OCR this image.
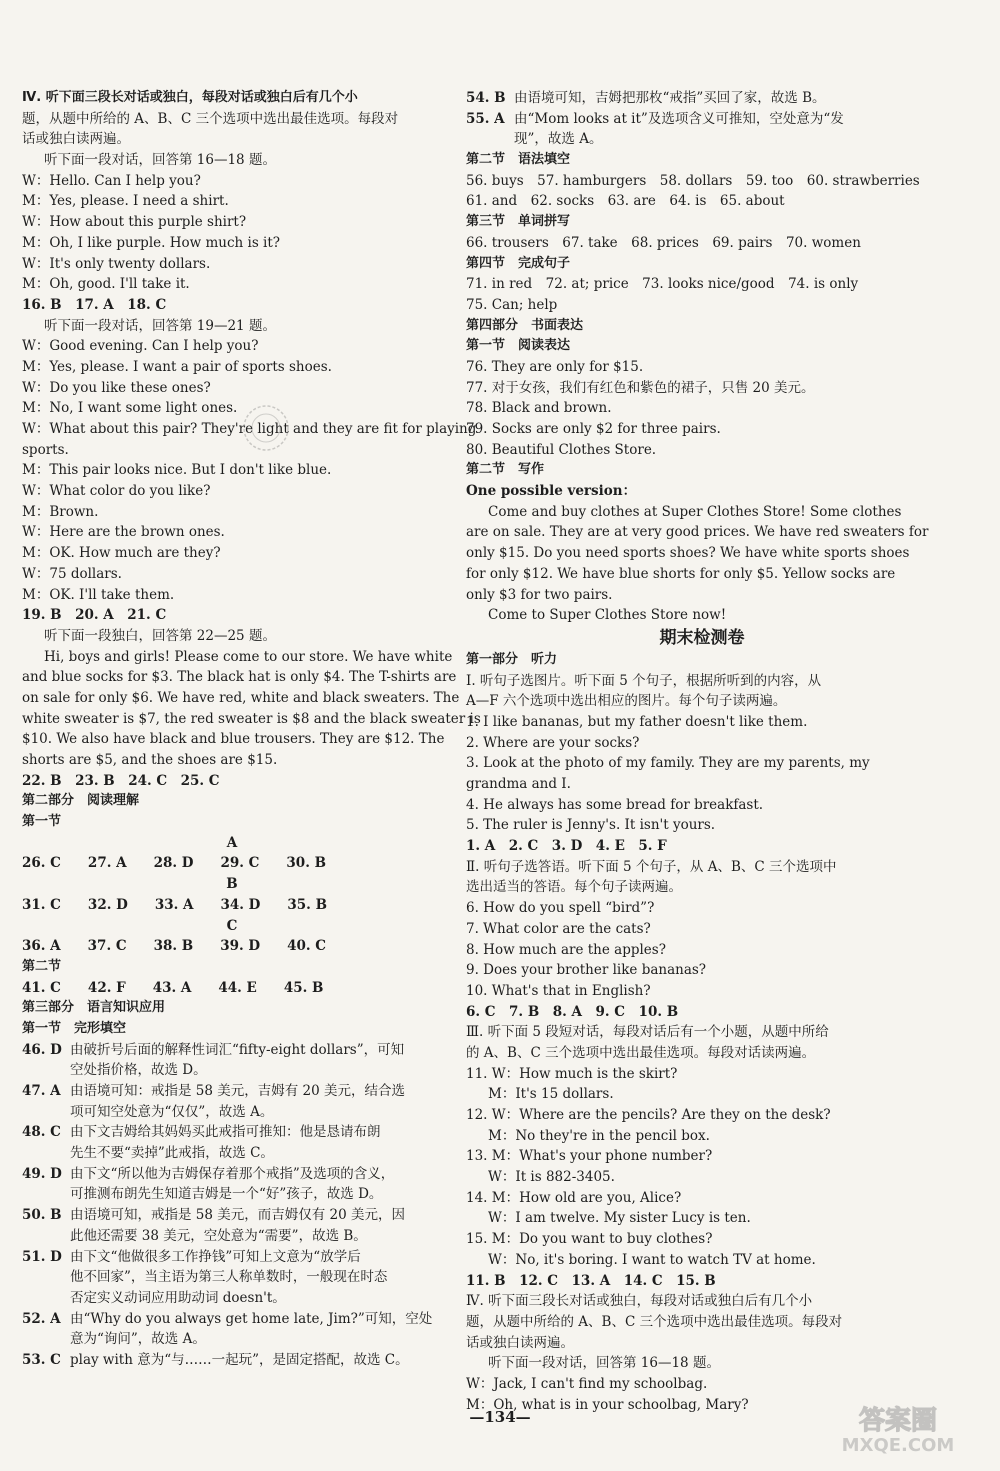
Ⅳ. 听下面三段长对话或独白，每段对话或独白后有几个小
题，从题中所给的 A、B、C 三个选项中选出最佳选项。每段对
话或独白读两遍。
听下面一段对话，回答第 16—18 题。
W：Hello. Can I help you?
M：Yes, please. I need a shirt.
W：How about this purple shirt?
M：Oh, I like purple. How much is it?
W：It's only twenty dollars.
M：Oh, good. I'll take it.
16. B　17. A　18. C
听下面一段对话，回答第 19—21 题。
W：Good evening. Can I help you?
M：Yes, please. I want a pair of sports shoes.
W：Do you like these ones?
M：No, I want some light ones.
W：What about this pair? They're light and they are fit for playing
sports.
M：This pair looks nice. But I don't like blue.
W：What color do you like?
M：Brown.
W：Here are the brown ones.
M：OK. How much are they?
W：75 dollars.
M：OK. I'll take them.
19. B　20. A　21. C
听下面一段独白，回答第 22—25 题。
Hi, boys and girls! Please come to our store. We have white
and blue socks for $3. The black hat is only $4. The T-shirts are
on sale for only $6. We have red, white and black sweaters. The
white sweater is $7, the red sweater is $8 and the black sweater is
$10. We also have black and blue trousers. They are $12. The
shorts are $5, and the shoes are $15.
22. B　23. B　24. C　25. C
第二部分　阅读理解
第一节
A
26. C　　27. A　　28. D　　29. C　　30. B
B
31. C　　32. D　　33. A　　34. D　　35. B
C
36. A　　37. C　　38. B　　39. D　　40. C
第二节
41. C　　42. F　　43. A　　44. E　　45. B
第三部分　语言知识应用
第一节　完形填空
46. D 由破折号后面的解释性词汇“fifty-eight dollars”，可知
空处指价格，故选 D。
47. A 由语境可知：戒指是 58 美元，吉姆有 20 美元，结合选
项可知空处意为“仅仅”，故选 A。
48. C 由下文吉姆给其妈妈买此戒指可推知：他是恳请布朗
先生不要“卖掉”此戒指，故选 C。
49. D 由下文“所以他为吉姆保存着那个戒指”及选项的含义，
可推测布朗先生知道吉姆是一个“好”孩子，故选 D。
50. B 由语境可知，戒指是 58 美元，而吉姆仅有 20 美元，因
此他还需要 38 美元，空处意为“需要”，故选 B。
51. D 由下文“他做很多工作挣钱”可知上文意为“放学后
他不回家”，当主语为第三人称单数时，一般现在时态
否定实义动词应用助动词 doesn't。
52. A 由“Why do you always get home late, Jim?”可知，空处
意为“询问”，故选 A。
53. C play with 意为“与……一起玩”，是固定搭配，故选 C。
54. B 由语境可知，吉姆把那枚“戒指”买回了家，故选 B。
55. A 由“Mom looks at it”及选项含义可推知，空处意为“发
现”，故选 A。
第二节　语法填空
56. buys　57. hamburgers　58. dollars　59. too　60. strawberries
61. and　62. socks　63. are　64. is　65. about
第三节　单词拼写
66. trousers　67. take　68. prices　69. pairs　70. women
第四节　完成句子
71. in red　72. at; price　73. looks nice/good　74. is only
75. Can; help
第四部分　书面表达
第一节　阅读表达
76. They are only for $15.
77. 对于女孩，我们有红色和紫色的裙子，只售 20 美元。
78. Black and brown.
79. Socks are only $2 for three pairs.
80. Beautiful Clothes Store.
第二节　写作
One possible version：
Come and buy clothes at Super Clothes Store! Some clothes
are on sale. They are at very good prices. We have red sweaters for
only $15. Do you need sports shoes? We have white sports shoes
for only $12. We have blue shorts for only $5. Yellow socks are
only $3 for two pairs.
Come to Super Clothes Store now!
期末检测卷
第一部分　听力
Ⅰ. 听句子选图片。听下面 5 个句子，根据所听到的内容，从
A—F 六个选项中选出相应的图片。每个句子读两遍。
1. I like bananas, but my father doesn't like them.
2. Where are your socks?
3. Look at the photo of my family. They are my parents, my
grandma and I.
4. He always has some bread for breakfast.
5. The ruler is Jenny's. It isn't yours.
1. A　2. C　3. D　4. E　5. F
Ⅱ. 听句子选答语。听下面 5 个句子，从 A、B、C 三个选项中
选出适当的答语。每个句子读两遍。
6. How do you spell “bird”?
7. What color are the cats?
8. How much are the apples?
9. Does your brother like bananas?
10. What's that in English?
6. C　7. B　8. A　9. C　10. B
Ⅲ. 听下面 5 段短对话，每段对话后有一个小题，从题中所给
的 A、B、C 三个选项中选出最佳选项。每段对话读两遍。
11. W：How much is the skirt?
M：It's 15 dollars.
12. W：Where are the pencils? Are they on the desk?
M：No they're in the pencil box.
13. M：What's your phone number?
W：It is 882-3405.
14. M：How old are you, Alice?
W：I am twelve. My sister Lucy is ten.
15. M：Do you want to buy clothes?
W：No, it's boring. I want to watch TV at home.
11. B　12. C　13. A　14. C　15. B
Ⅳ. 听下面三段长对话或独白，每段对话或独白后有几个小
题，从题中所给的 A、B、C 三个选项中选出最佳选项。每段对
话或独白读两遍。
听下面一段对话，回答第 16—18 题。
W：Jack, I can't find my schoolbag.
M：Oh, what is in your schoolbag, Mary?
—134—	答案圈
MXQE.COM
